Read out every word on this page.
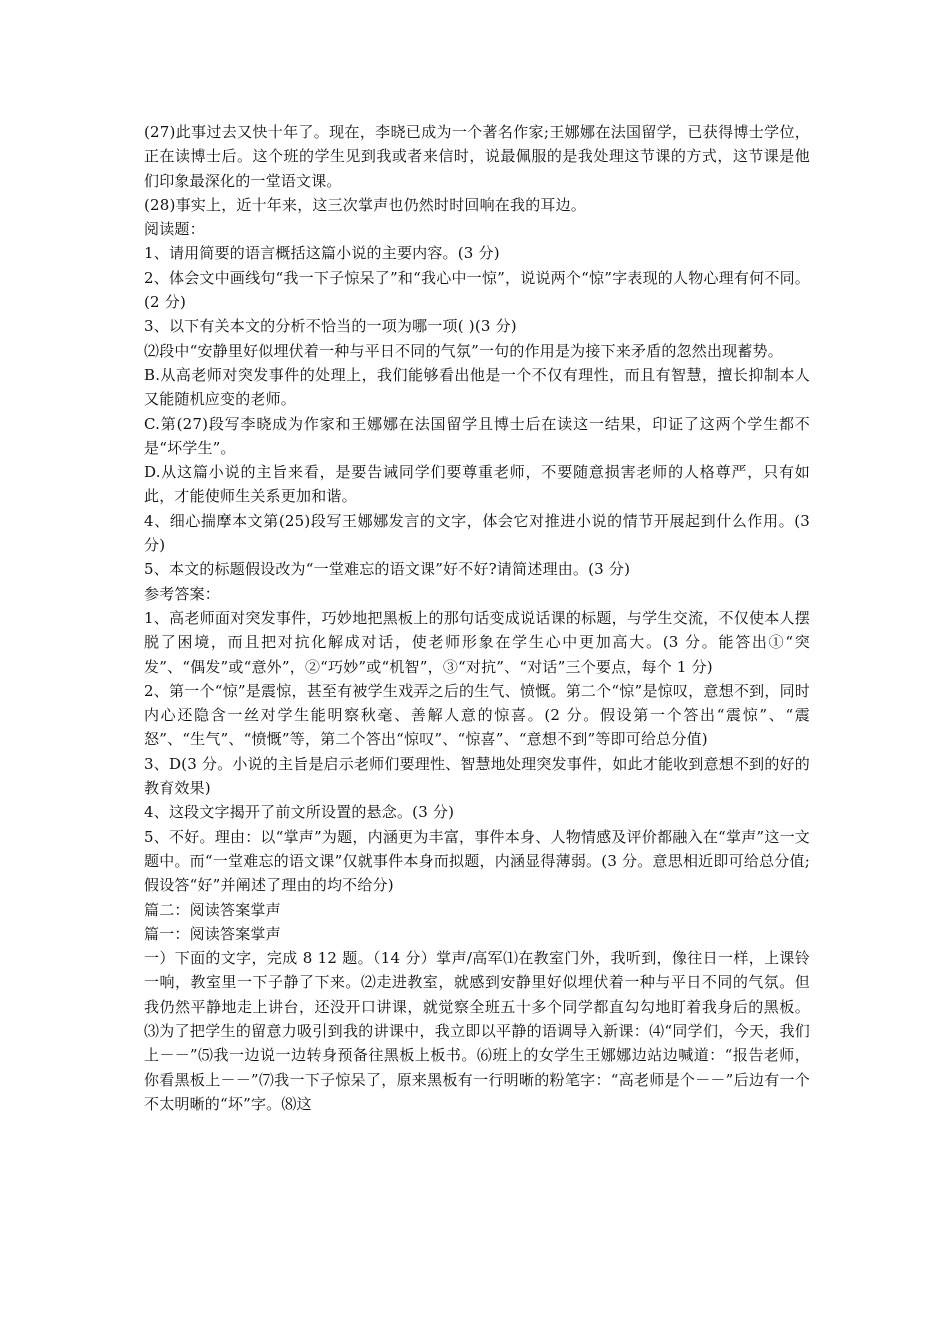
(27)此事过去又快十年了。现在，李晓已成为一个著名作家;王娜娜在法国留学，已获得博士学位，正在读博士后。这个班的学生见到我或者来信时，说最佩服的是我处理这节课的方式，这节课是他们印象最深化的一堂语文课。

(28)事实上，近十年来，这三次掌声也仍然时时回响在我的耳边。

阅读题：

1、请用简要的语言概括这篇小说的主要内容。(3 分)

2、体会文中画线句“我一下子惊呆了”和“我心中一惊”，说说两个“惊”字表现的人物心理有何不同。(2 分)

3、以下有关本文的分析不恰当的一项为哪一项( )(3 分)

⑵段中“安静里好似埋伏着一种与平日不同的气氛”一句的作用是为接下来矛盾的忽然出现蓄势。

B.从高老师对突发事件的处理上，我们能够看出他是一个不仅有理性，而且有智慧，擅长抑制本人又能随机应变的老师。

C.第(27)段写李晓成为作家和王娜娜在法国留学且博士后在读这一结果，印证了这两个学生都不是“坏学生”。

D.从这篇小说的主旨来看，是要告诫同学们要尊重老师，不要随意损害老师的人格尊严，只有如此，才能使师生关系更加和谐。

4、细心揣摩本文第(25)段写王娜娜发言的文字，体会它对推进小说的情节开展起到什么作用。(3 分)

5、本文的标题假设改为“一堂难忘的语文课”好不好?请简述理由。(3 分)

参考答案：

1、高老师面对突发事件，巧妙地把黑板上的那句话变成说话课的标题，与学生交流，不仅使本人摆脱了困境，而且把对抗化解成对话，使老师形象在学生心中更加高大。(3 分。能答出①“突发”、“偶发”或“意外”，②“巧妙”或“机智”，③“对抗”、“对话”三个要点，每个 1 分)

2、第一个“惊”是震惊，甚至有被学生戏弄之后的生气、愤慨。第二个“惊”是惊叹，意想不到，同时内心还隐含一丝对学生能明察秋毫、善解人意的惊喜。(2 分。假设第一个答出“震惊”、“震怒”、“生气”、“愤慨”等，第二个答出“惊叹”、“惊喜”、“意想不到”等即可给总分值)

3、D(3 分。小说的主旨是启示老师们要理性、智慧地处理突发事件，如此才能收到意想不到的好的教育效果)

4、这段文字揭开了前文所设置的悬念。(3 分)

5、不好。理由：以“掌声”为题，内涵更为丰富，事件本身、人物情感及评价都融入在“掌声”这一文题中。而“一堂难忘的语文课”仅就事件本身而拟题，内涵显得薄弱。(3 分。意思相近即可给总分值;假设答“好”并阐述了理由的均不给分)

篇二：阅读答案掌声

篇一：阅读答案掌声

一）下面的文字，完成 8 12 题。（14 分）掌声/高军⑴在教室门外，我听到，像往日一样，上课铃一响，教室里一下子静了下来。⑵走进教室，就感到安静里好似埋伏着一种与平日不同的气氛。但我仍然平静地走上讲台，还没开口讲课，就觉察全班五十多个同学都直勾勾地盯着我身后的黑板。⑶为了把学生的留意力吸引到我的讲课中，我立即以平静的语调导入新课：⑷“同学们，今天，我们上－－”⑸我一边说一边转身预备往黑板上板书。⑹班上的女学生王娜娜边站边喊道：“报告老师，你看黑板上－－”⑺我一下子惊呆了，原来黑板有一行明晰的粉笔字：“高老师是个－－”后边有一个不太明晰的“坏”字。⑻这
